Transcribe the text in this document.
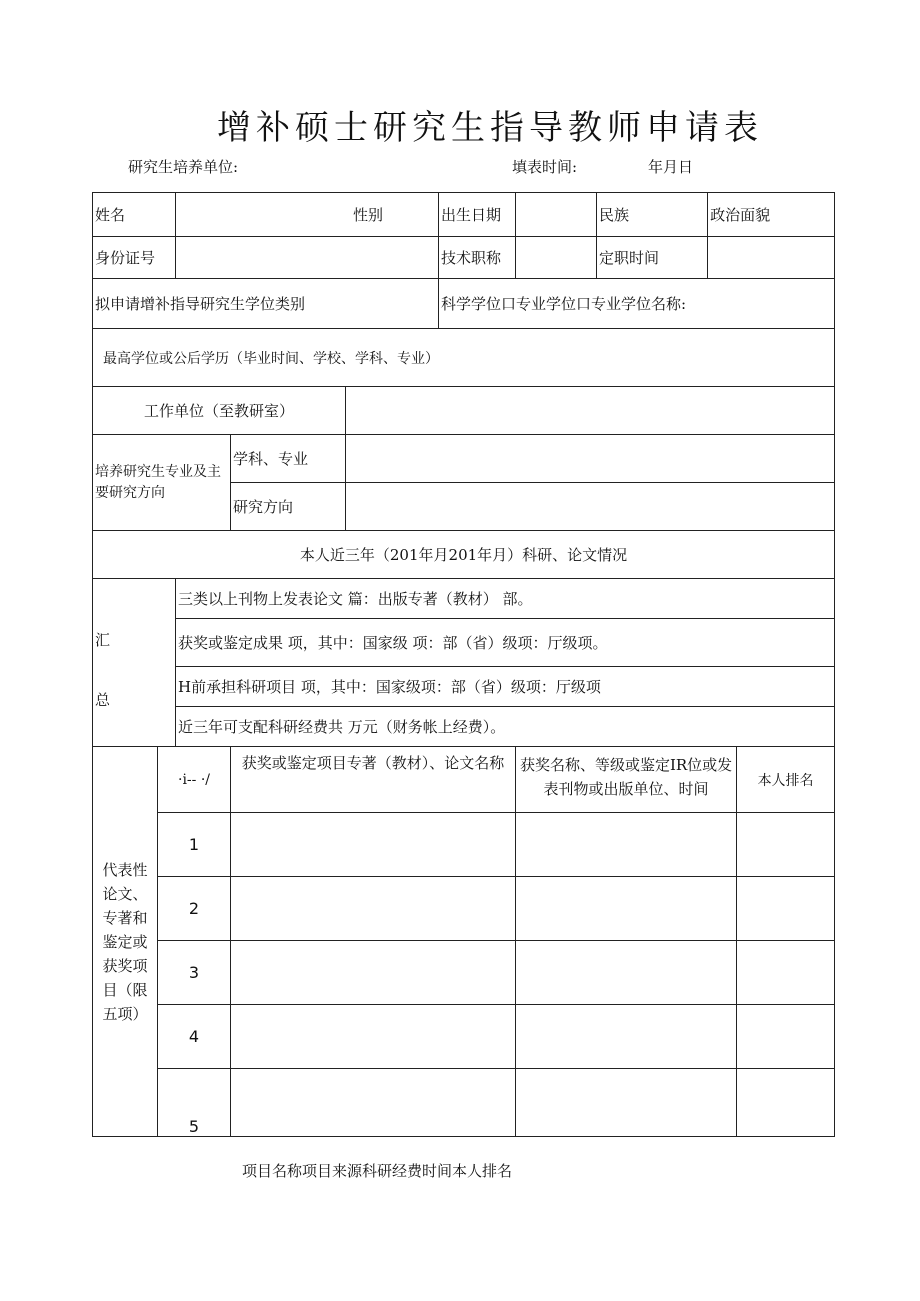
增补硕士研究生指导教师申请表
研究生培养单位:	填表时间:	年月日
姓名		性别			出生日期		民族	政治面貌	
身份证号					技术职称		定职时间		
拟申请增补指导研究生学位类别					科学学位口专业学位口专业学位名称:				
最高学位或公后学历（毕业时间、学校、学科、专业）									
工作单位（至教研室）									
培养研究生专业及主要研究方向			学科、专业						
			研究方向						
本人近三年（201年月201年月）科研、论文情况									

汇
总		三类以上刊物上发表论文 篇：出版专著（教材） 部。							
		获奖或鉴定成果 项，其中：国家级 项：部（省）级项：厅级项。							
		H前承担科研项目 项，其中：国家级项：部（省）级项：厅级项							
		近三年可支配科研经费共 万元（财务帐上经费）。							
代表性论文、专著和鉴定或获奖项目（限五项）	·i-- ·/		获奖或鉴定项目专著（教材）、论文名称			获奖名称、等级或鉴定IR位或发表刊物或出版单位、时间			本人排名
	1								
	2								
	3								
	4								
	5								
项目名称项目来源科研经费时间本人排名
